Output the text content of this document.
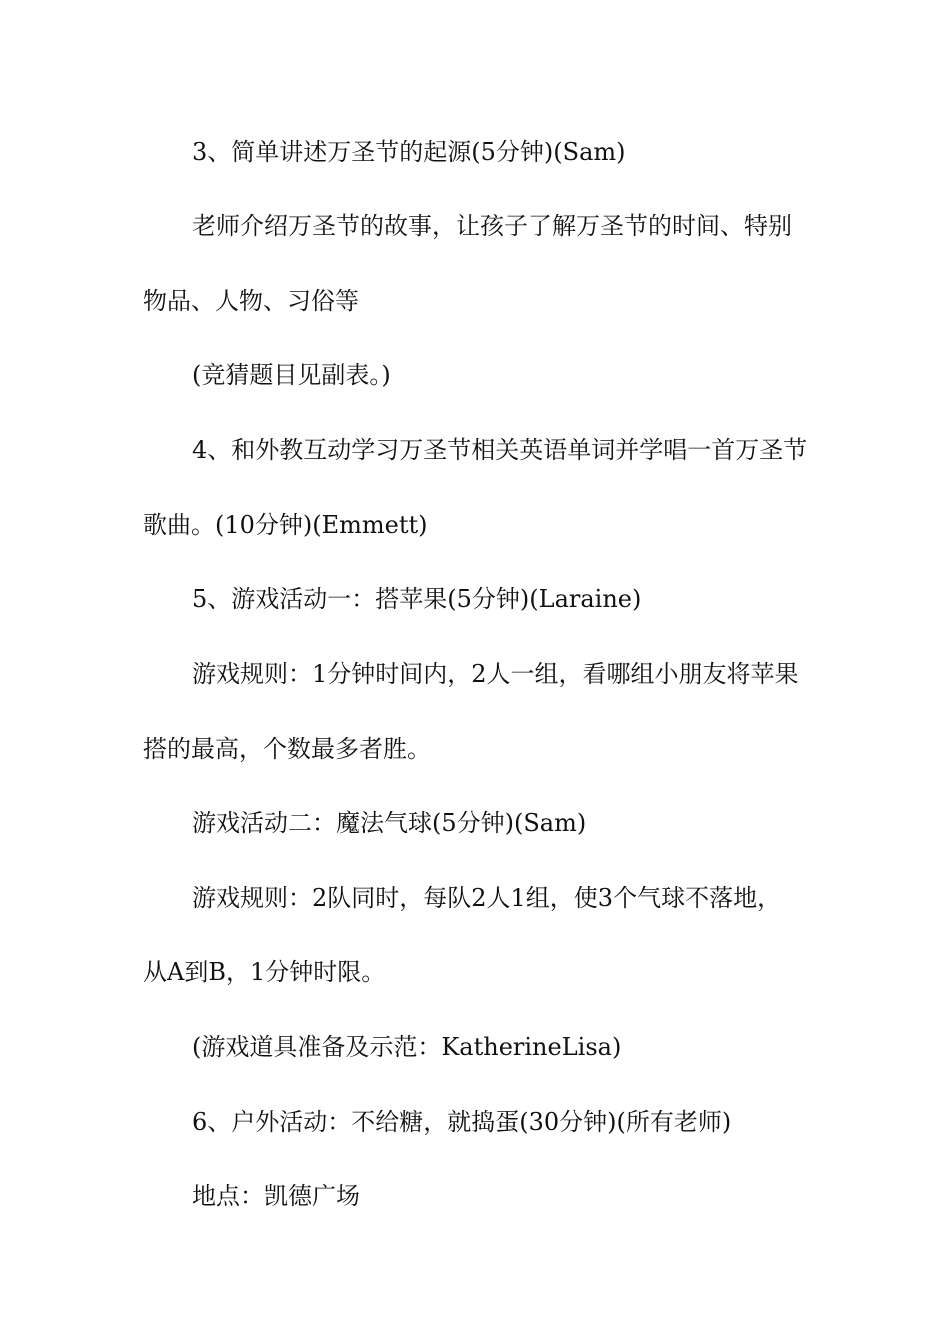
3、简单讲述万圣节的起源(5分钟)(Sam)
老师介绍万圣节的故事，让孩子了解万圣节的时间、特别
物品、人物、习俗等
(竞猜题目见副表。)
4、和外教互动学习万圣节相关英语单词并学唱一首万圣节
歌曲。(10分钟)(Emmett)
5、游戏活动一：搭苹果(5分钟)(Laraine)
游戏规则：1分钟时间内，2人一组，看哪组小朋友将苹果
搭的最高，个数最多者胜。
游戏活动二：魔法气球(5分钟)(Sam)
游戏规则：2队同时，每队2人1组，使3个气球不落地，
从A到B，1分钟时限。
(游戏道具准备及示范：KatherineLisa)
6、户外活动：不给糖，就捣蛋(30分钟)(所有老师)
地点：凯德广场
